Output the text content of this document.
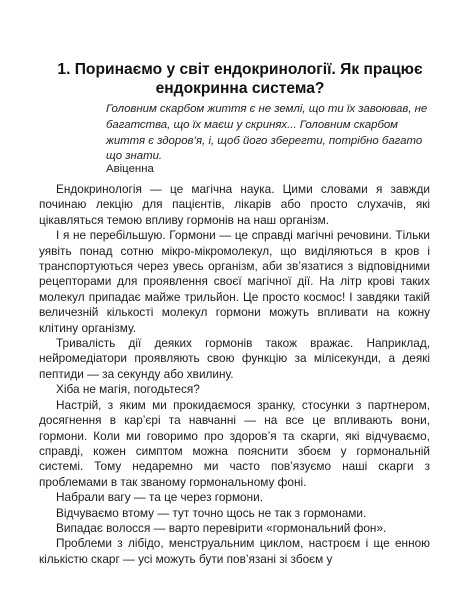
1. Поринаємо у світ ендокринології. Як працює ендокринна система?

Головним скарбом життя є не землі, що ти їх завоював, не багатства, що їх маєш у скринях... Головним скарбом життя є здоров’я, і, щоб його зберегти, потрібно багато що знати.

Авіценна

Ендокринологія — це магічна наука. Цими словами я завжди починаю лекцію для пацієнтів, лікарів або просто слухачів, які цікавляться темою впливу гормонів на наш організм.

І я не перебільшую. Гормони — це справді магічні речовини. Тільки уявіть понад сотню мікро-мікромолекул, що виділяються в кров і транспортуються через увесь організм, аби зв’язатися з відповідними рецепторами для проявлення своєї магічної дії. На літр крові таких молекул припадає майже трильйон. Це просто космос! І завдяки такій величезній кількості молекул гормони можуть впливати на кожну клітину організму.

Тривалість дії деяких гормонів також вражає. Наприклад, нейромедіатори проявляють свою функцію за мілісекунди, а деякі пептиди — за секунду або хвилину.

Хіба не магія, погодьтеся?

Настрій, з яким ми прокидаємося зранку, стосунки з партнером, досягнення в кар’єрі та навчанні — на все це впливають вони, гормони. Коли ми говоримо про здоров’я та скарги, які відчуваємо, справді, кожен симптом можна пояснити збоєм у гормональній системі. Тому недаремно ми часто пов’язуємо наші скарги з проблемами в так званому гормональному фоні.

Набрали вагу — та це через гормони.

Відчуваємо втому — тут точно щось не так з гормонами.

Випадає волосся — варто перевірити «гормональний фон».

Проблеми з лібідо, менструальним циклом, настроєм і ще енною кількістю скарг — усі можуть бути пов’язані зі збоєм у
